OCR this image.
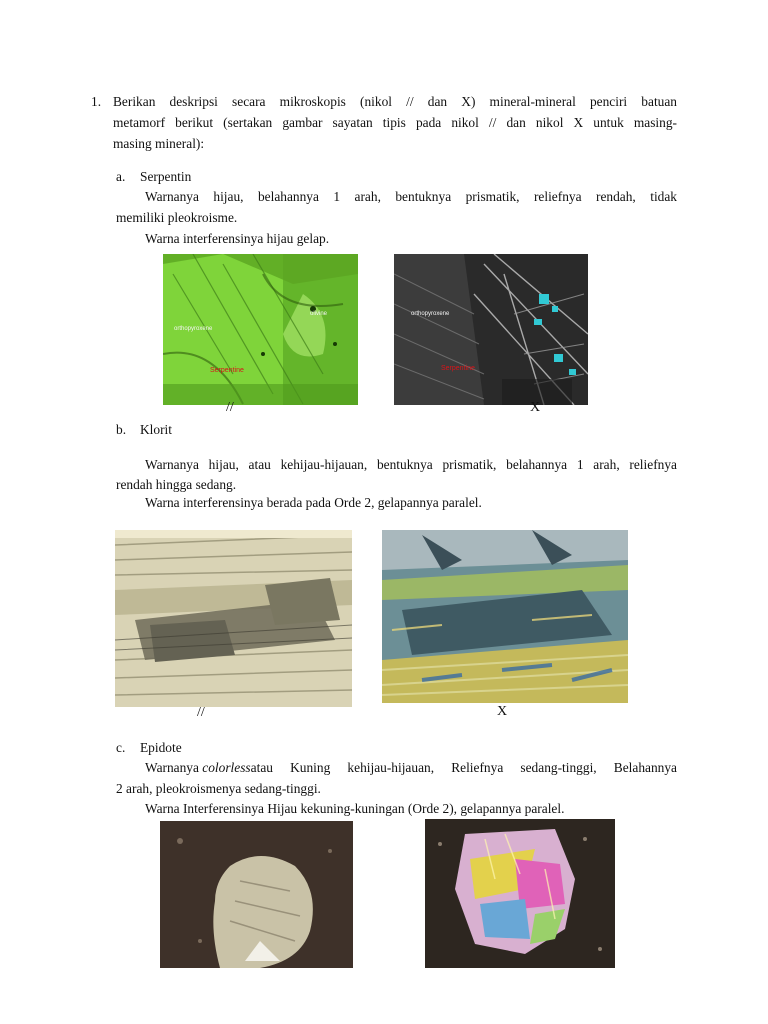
1. Berikan deskripsi secara mikroskopis (nikol // dan X) mineral-mineral penciri batuan
metamorf berikut (sertakan gambar sayatan tipis pada nikol // dan nikol X untuk masing-
masing mineral):
a. Serpentin
Warnanya hijau, belahannya 1 arah, bentuknya prismatik, reliefnya rendah, tidak
memiliki pleokroisme.
Warna interferensinya hijau gelap.
orthopyroxene
olivine
Serpentine
orthopyroxene
Serpentine
//	X
b. Klorit
Warnanya hijau, atau kehijau-hijauan, bentuknya prismatik, belahannya 1 arah, reliefnya
rendah hingga sedang.
Warna interferensinya berada pada Orde 2, gelapannya paralel.
//	X
c. Epidote
Warnanya colorless atau Kuning kehijau-hijauan, Reliefnya sedang-tinggi, Belahannya
2 arah, pleokroismenya sedang-tinggi.
Warna Interferensinya Hijau kekuning-kuningan (Orde 2), gelapannya paralel.
